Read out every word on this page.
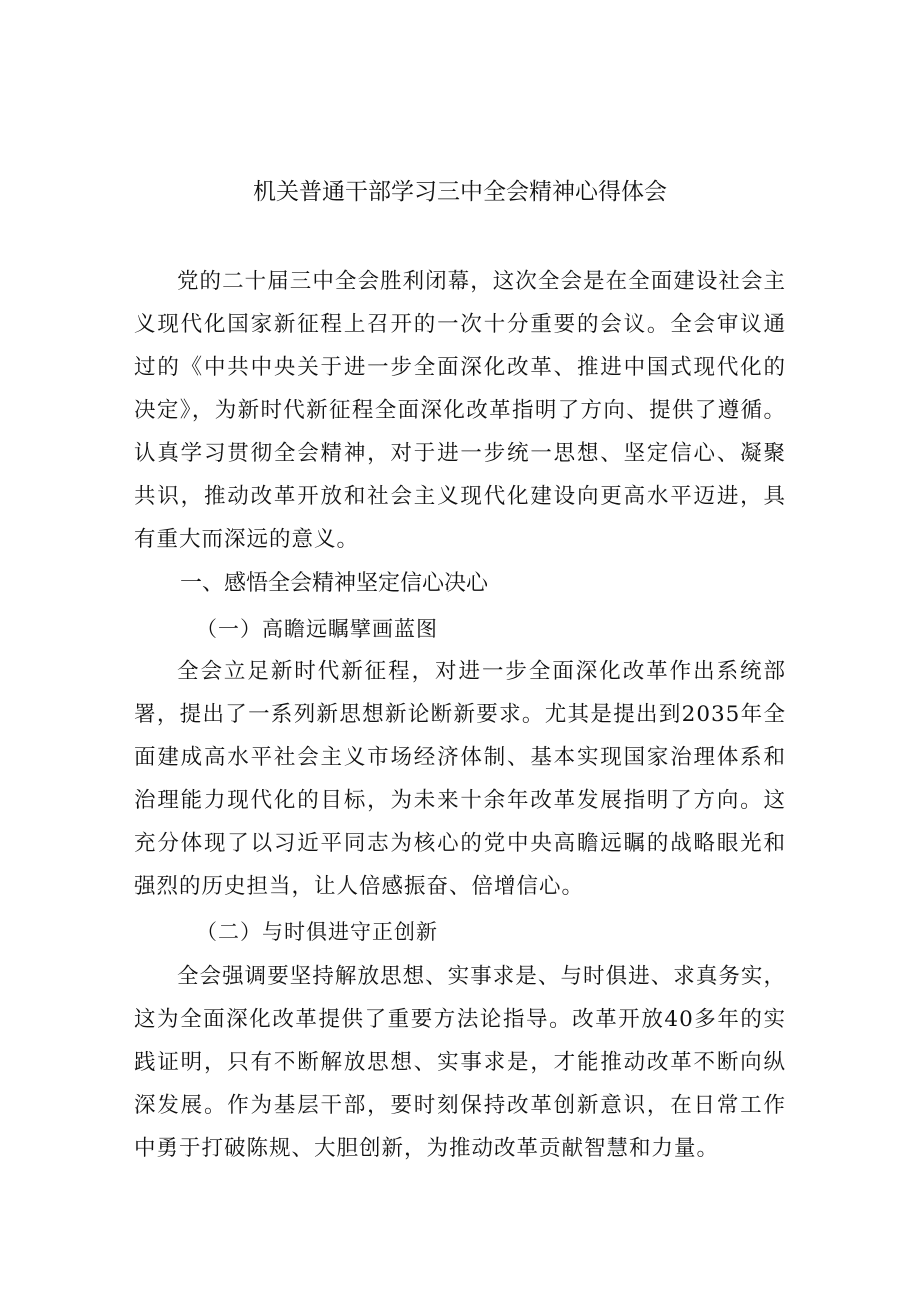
机关普通干部学习三中全会精神心得体会
党的二十届三中全会胜利闭幕，这次全会是在全面建设社会主义现代化国家新征程上召开的一次十分重要的会议。全会审议通过的《中共中央关于进一步全面深化改革、推进中国式现代化的决定》，为新时代新征程全面深化改革指明了方向、提供了遵循。认真学习贯彻全会精神，对于进一步统一思想、坚定信心、凝聚共识，推动改革开放和社会主义现代化建设向更高水平迈进，具有重大而深远的意义。
一、感悟全会精神坚定信心决心
（一）高瞻远瞩擘画蓝图
全会立足新时代新征程，对进一步全面深化改革作出系统部署，提出了一系列新思想新论断新要求。尤其是提出到2035年全面建成高水平社会主义市场经济体制、基本实现国家治理体系和治理能力现代化的目标，为未来十余年改革发展指明了方向。这充分体现了以习近平同志为核心的党中央高瞻远瞩的战略眼光和强烈的历史担当，让人倍感振奋、倍增信心。
（二）与时俱进守正创新
全会强调要坚持解放思想、实事求是、与时俱进、求真务实，这为全面深化改革提供了重要方法论指导。改革开放40多年的实践证明，只有不断解放思想、实事求是，才能推动改革不断向纵深发展。作为基层干部，要时刻保持改革创新意识，在日常工作中勇于打破陈规、大胆创新，为推动改革贡献智慧和力量。
